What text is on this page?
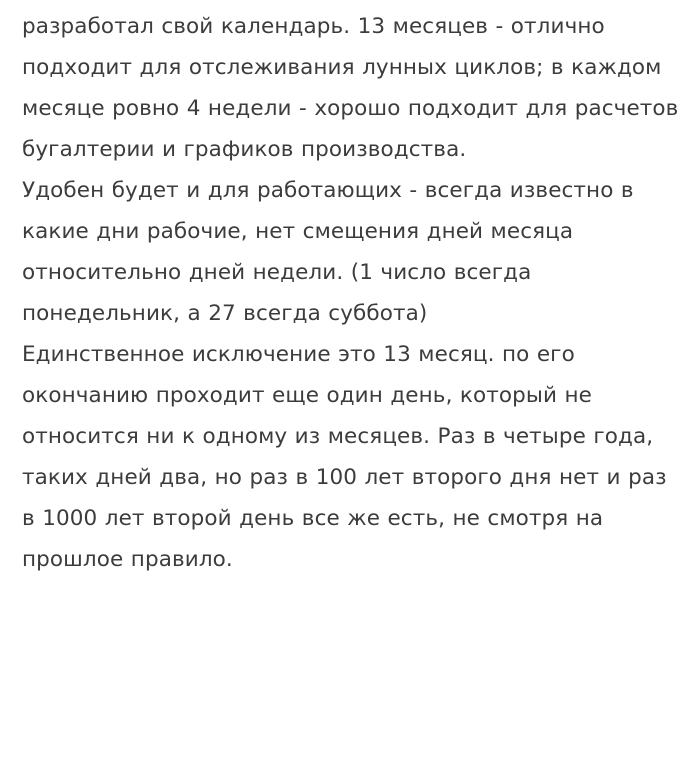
разработал свой календарь. 13 месяцев - отлично подходит для отслеживания лунных циклов; в каждом месяце ровно 4 недели - хорошо подходит для расчетов бугалтерии и графиков производства.

Удобен будет и для работающих - всегда известно в какие дни рабочие, нет смещения дней месяца относительно дней недели. (1 число всегда понедельник, а 27 всегда суббота)

Единственное исключение это 13 месяц. по его окончанию проходит еще один день, который не относится ни к одному из месяцев. Раз в четыре года, таких дней два, но раз в 100 лет второго дня нет и раз в 1000 лет второй день все же есть, не смотря на прошлое правило.
